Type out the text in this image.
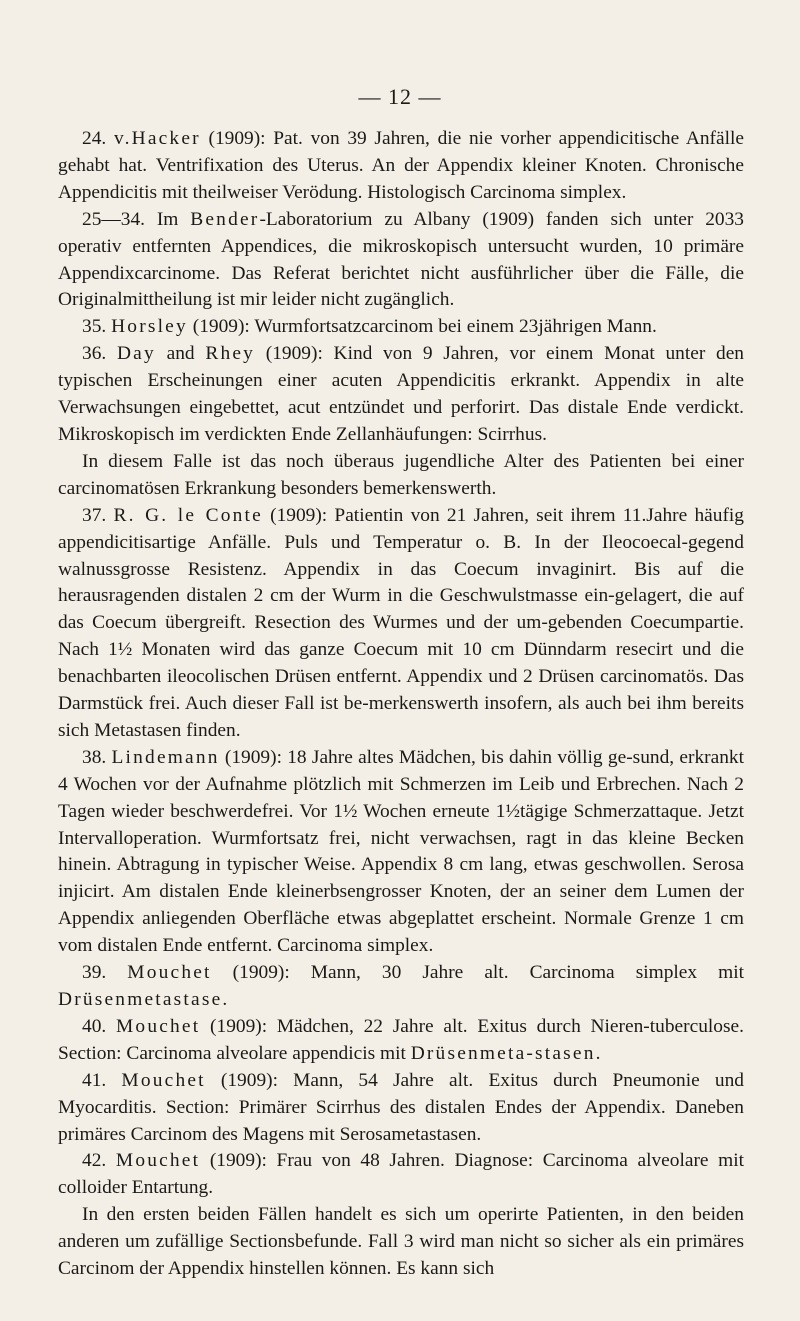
— 12 —

24. v.Hacker (1909): Pat. von 39 Jahren, die nie vorher appendicitische Anfälle gehabt hat. Ventrifixation des Uterus. An der Appendix kleiner Knoten. Chronische Appendicitis mit theilweiser Verödung. Histologisch Carcinoma simplex.

25—34. Im Bender-Laboratorium zu Albany (1909) fanden sich unter 2033 operativ entfernten Appendices, die mikroskopisch untersucht wurden, 10 primäre Appendixcarcinome. Das Referat berichtet nicht ausführlicher über die Fälle, die Originalmittheilung ist mir leider nicht zugänglich.

35. Horsley (1909): Wurmfortsatzcarcinom bei einem 23jährigen Mann.

36. Day and Rhey (1909): Kind von 9 Jahren, vor einem Monat unter den typischen Erscheinungen einer acuten Appendicitis erkrankt. Appendix in alte Verwachsungen eingebettet, acut entzündet und perforirt. Das distale Ende verdickt. Mikroskopisch im verdickten Ende Zellanhäufungen: Scirrhus.

In diesem Falle ist das noch überaus jugendliche Alter des Patienten bei einer carcinomatösen Erkrankung besonders bemerkenswerth.

37. R. G. le Conte (1909): Patientin von 21 Jahren, seit ihrem 11.Jahre häufig appendicitisartige Anfälle. Puls und Temperatur o. B. In der Ileocoecal-gegend walnussgrosse Resistenz. Appendix in das Coecum invaginirt. Bis auf die herausragenden distalen 2 cm der Wurm in die Geschwulstmasse ein-gelagert, die auf das Coecum übergreift. Resection des Wurmes und der um-gebenden Coecumpartie. Nach 1½ Monaten wird das ganze Coecum mit 10 cm Dünndarm resecirt und die benachbarten ileocolischen Drüsen entfernt. Appendix und 2 Drüsen carcinomatös. Das Darmstück frei. Auch dieser Fall ist be-merkenswerth insofern, als auch bei ihm bereits sich Metastasen finden.

38. Lindemann (1909): 18 Jahre altes Mädchen, bis dahin völlig ge-sund, erkrankt 4 Wochen vor der Aufnahme plötzlich mit Schmerzen im Leib und Erbrechen. Nach 2 Tagen wieder beschwerdefrei. Vor 1½ Wochen erneute 1½tägige Schmerzattaque. Jetzt Intervalloperation. Wurmfortsatz frei, nicht verwachsen, ragt in das kleine Becken hinein. Abtragung in typischer Weise. Appendix 8 cm lang, etwas geschwollen. Serosa injicirt. Am distalen Ende kleinerbsengrosser Knoten, der an seiner dem Lumen der Appendix anliegenden Oberfläche etwas abgeplattet erscheint. Normale Grenze 1 cm vom distalen Ende entfernt. Carcinoma simplex.

39. Mouchet (1909): Mann, 30 Jahre alt. Carcinoma simplex mit Drüsenmetastase.

40. Mouchet (1909): Mädchen, 22 Jahre alt. Exitus durch Nieren-tuberculose. Section: Carcinoma alveolare appendicis mit Drüsenmeta-stasen.

41. Mouchet (1909): Mann, 54 Jahre alt. Exitus durch Pneumonie und Myocarditis. Section: Primärer Scirrhus des distalen Endes der Appendix. Daneben primäres Carcinom des Magens mit Serosametastasen.

42. Mouchet (1909): Frau von 48 Jahren. Diagnose: Carcinoma alveolare mit colloider Entartung.

In den ersten beiden Fällen handelt es sich um operirte Patienten, in den beiden anderen um zufällige Sectionsbefunde. Fall 3 wird man nicht so sicher als ein primäres Carcinom der Appendix hinstellen können. Es kann sich
